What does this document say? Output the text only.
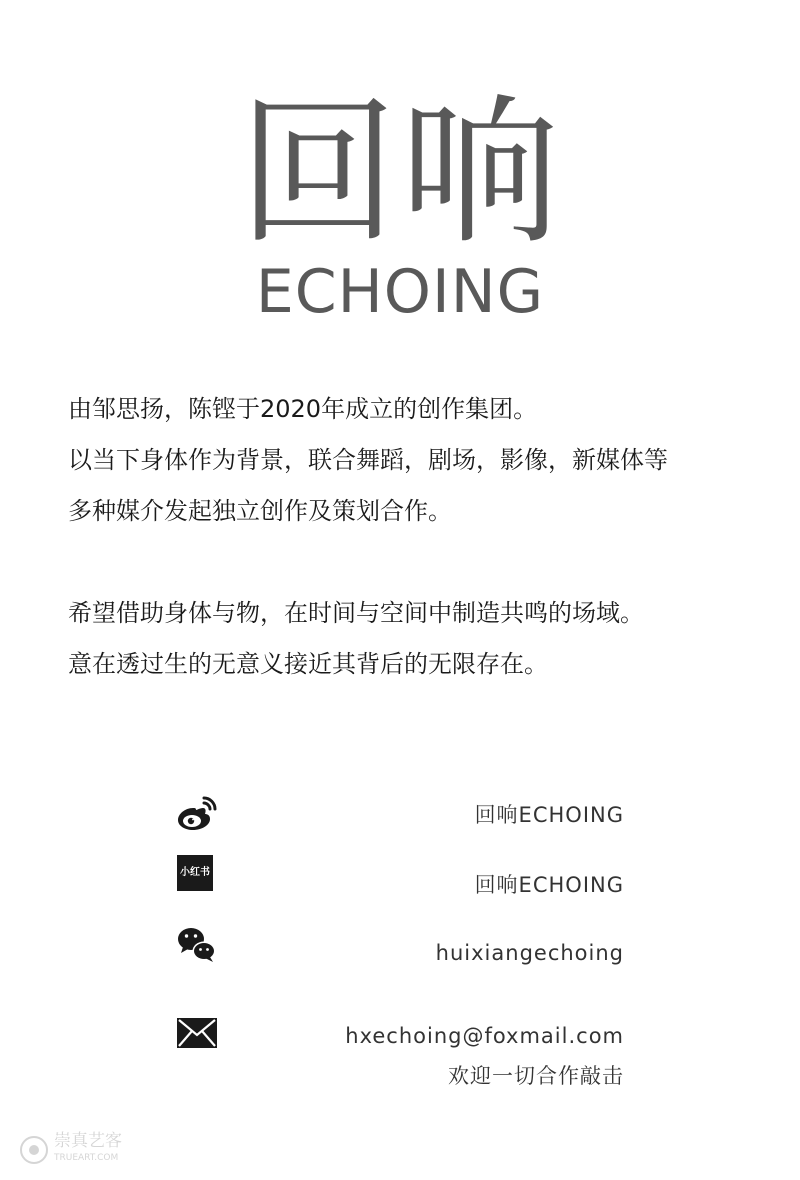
回响
ECHOING
由邹思扬，陈铿于2020年成立的创作集团。
以当下身体作为背景，联合舞蹈，剧场，影像，新媒体等
多种媒介发起独立创作及策划合作。
希望借助身体与物，在时间与空间中制造共鸣的场域。
意在透过生的无意义接近其背后的无限存在。
回响ECHOING
小红书
回响ECHOING
huixiangechoing
hxechoing@foxmail.com
欢迎一切合作敲击
崇真艺客
TRUEART.COM
